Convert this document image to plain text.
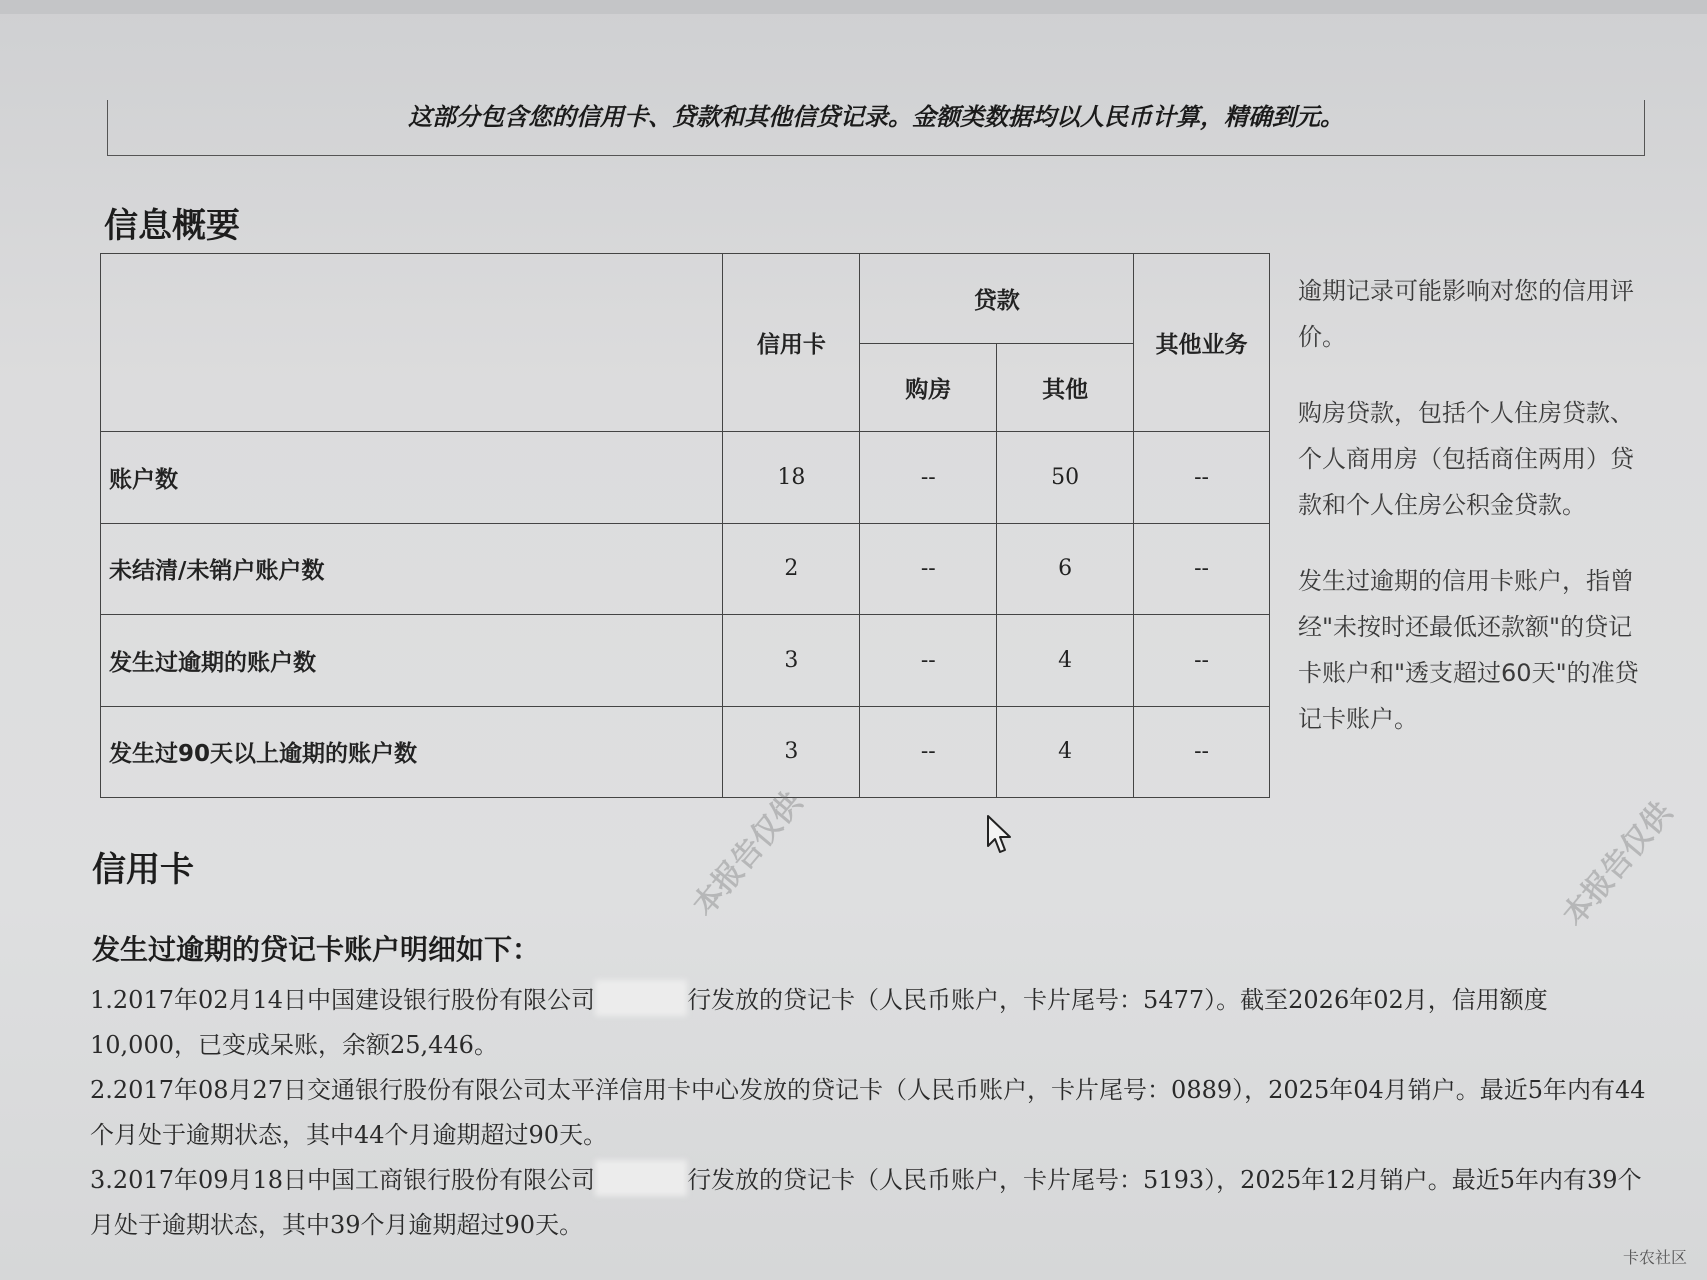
这部分包含您的信用卡、贷款和其他信贷记录。金额类数据均以人民币计算，精确到元。
信息概要
	信用卡	贷款		其他业务
		购房	其他	
账户数	18	--	50	--
未结清/未销户账户数	2	--	6	--
发生过逾期的账户数	3	--	4	--
发生过90天以上逾期的账户数	3	--	4	--

逾期记录可能影响对您的信用评价。

购房贷款，包括个人住房贷款、个人商用房（包括商住两用）贷款和个人住房公积金贷款。

发生过逾期的信用卡账户，指曾经"未按时还最低还款额"的贷记卡账户和"透支超过60天"的准贷记卡账户。

信用卡
发生过逾期的贷记卡账户明细如下：

1.2017年02月14日中国建设银行股份有限公司	行发放的贷记卡（人民币账户，卡片尾号：5477）。截至2026年02月，信用额度10,000，已变成呆账，余额25,446。

2.2017年08月27日交通银行股份有限公司太平洋信用卡中心发放的贷记卡（人民币账户，卡片尾号：0889），2025年04月销户。最近5年内有44个月处于逾期状态，其中44个月逾期超过90天。

3.2017年09月18日中国工商银行股份有限公司	行发放的贷记卡（人民币账户，卡片尾号：5193），2025年12月销户。最近5年内有39个月处于逾期状态，其中39个月逾期超过90天。

本报告仅供	本报告仅供
卡农社区
